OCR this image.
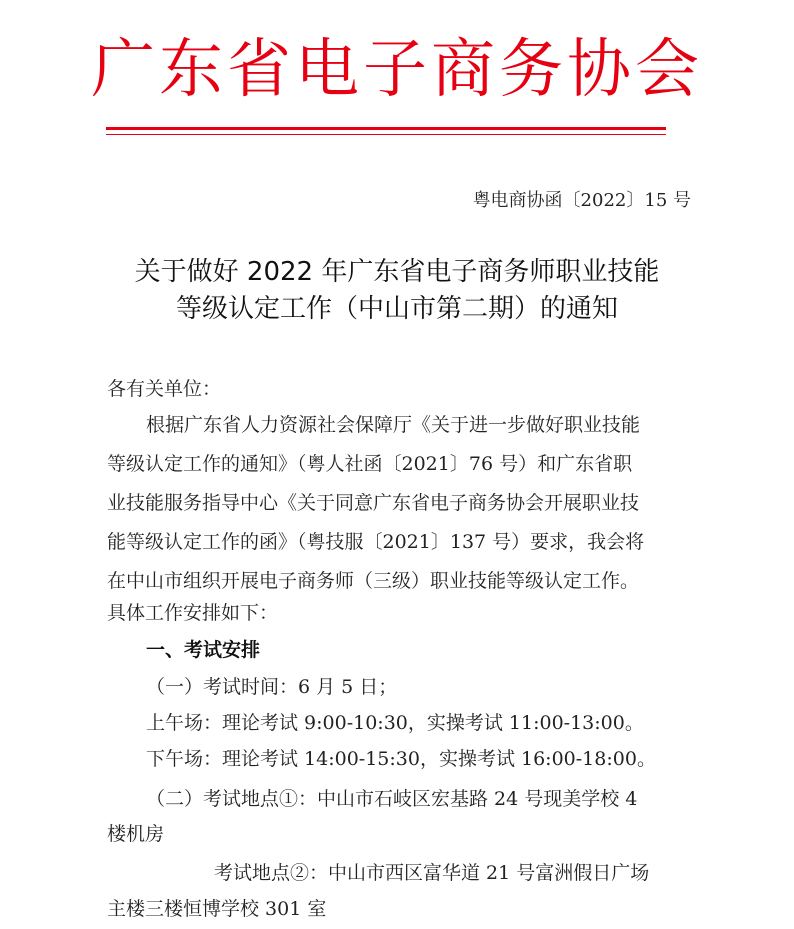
广东省电子商务协会
粤电商协函〔2022〕15 号
关于做好 2022 年广东省电子商务师职业技能
等级认定工作（中山市第二期）的通知
各有关单位：
根据广东省人力资源社会保障厅《关于进一步做好职业技能
等级认定工作的通知》（粤人社函〔2021〕76 号）和广东省职
业技能服务指导中心《关于同意广东省电子商务协会开展职业技
能等级认定工作的函》（粤技服〔2021〕137 号）要求，我会将
在中山市组织开展电子商务师（三级）职业技能等级认定工作。
具体工作安排如下：
一、考试安排
（一）考试时间：6 月 5 日；
上午场：理论考试 9:00-10:30，实操考试 11:00-13:00。
下午场：理论考试 14:00-15:30，实操考试 16:00-18:00。
（二）考试地点①：中山市石岐区宏基路 24 号现美学校 4
楼机房
考试地点②：中山市西区富华道 21 号富洲假日广场
主楼三楼恒博学校 301 室
